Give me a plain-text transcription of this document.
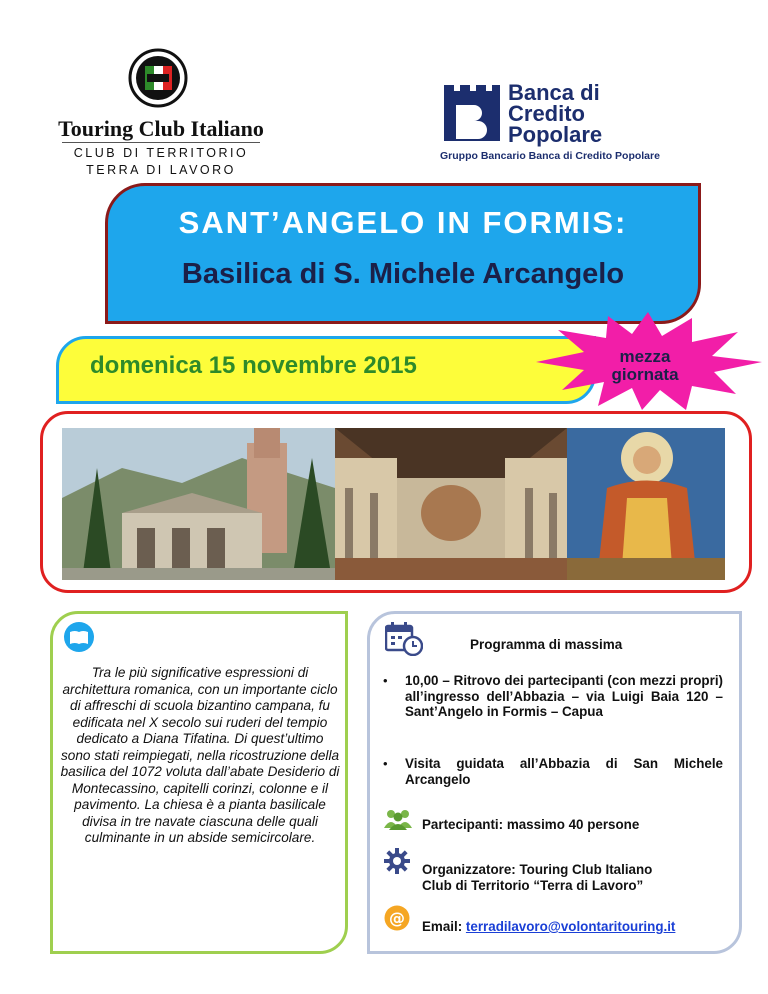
Touring Club Italiano
CLUB DI TERRITORIO
TERRA DI LAVORO
Banca di
Credito
Popolare
Gruppo Bancario Banca di Credito Popolare
SANT’ANGELO IN FORMIS:
Basilica di S. Michele Arcangelo
domenica 15 novembre 2015	mezza
giornata
Tra le più significative espressioni di architettura romanica, con un importante ciclo di affreschi di scuola bizantino campana, fu edificata nel X secolo sui ruderi del tempio dedicato a Diana Tifatina. Di quest’ultimo sono stati reimpiegati, nella ricostruzione della basilica del 1072 voluta dall’abate Desiderio di Montecassino, capitelli corinzi, colonne e il pavimento. La chiesa è a pianta basilicale divisa in tre navate ciascuna delle quali culminante in un abside semicircolare.
Programma di massima
• 10,00 – Ritrovo dei partecipanti (con mezzi propri) all’ingresso dell’Abbazia – via Luigi Baia 120 – Sant’Angelo in Formis – Capua
• Visita guidata all’Abbazia di San Michele Arcangelo
Partecipanti: massimo 40 persone
Organizzatore: Touring Club Italiano
Club di Territorio “Terra di Lavoro”
@ Email: terradilavoro@volontaritouring.it
